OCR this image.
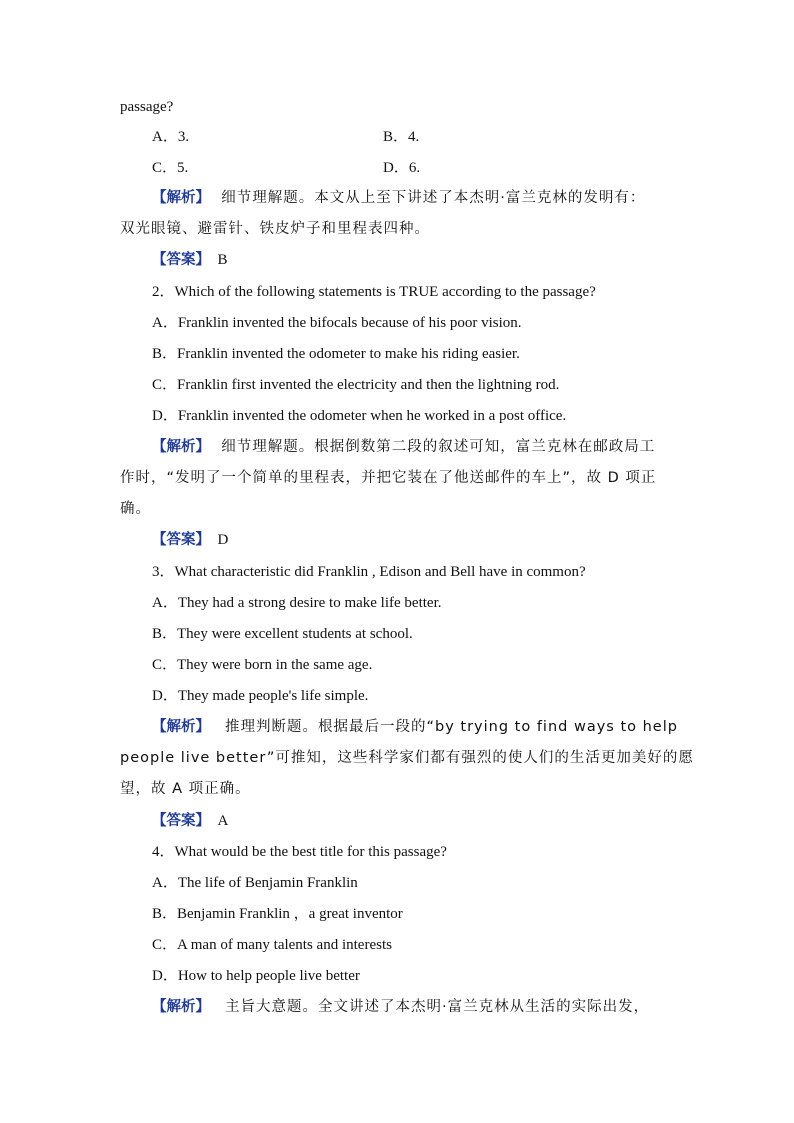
passage?
A．3.	B．4.
C．5.	D．6.
【解析】 细节理解题。本文从上至下讲述了本杰明·富兰克林的发明有：
双光眼镜、避雷针、铁皮炉子和里程表四种。
【答案】 B
2．Which of the following statements is TRUE according to the passage?
A．Franklin invented the bifocals because of his poor vision.
B．Franklin invented the odometer to make his riding easier.
C．Franklin first invented the electricity and then the lightning rod.
D．Franklin invented the odometer when he worked in a post office.
【解析】 细节理解题。根据倒数第二段的叙述可知，富兰克林在邮政局工
作时，“发明了一个简单的里程表，并把它装在了他送邮件的车上”，故 D 项正
确。
【答案】 D
3．What characteristic did Franklin , Edison and Bell have in common?
A．They had a strong desire to make life better.
B．They were excellent students at school.
C．They were born in the same age.
D．They made people's life simple.
【解析】 推理判断题。根据最后一段的“by trying to find ways to help
people live better”可推知，这些科学家们都有强烈的使人们的生活更加美好的愿
望，故 A 项正确。
【答案】 A
4．What would be the best title for this passage?
A．The life of Benjamin Franklin
B．Benjamin Franklin ，a great inventor
C．A man of many talents and interests
D．How to help people live better
【解析】 主旨大意题。全文讲述了本杰明·富兰克林从生活的实际出发，
